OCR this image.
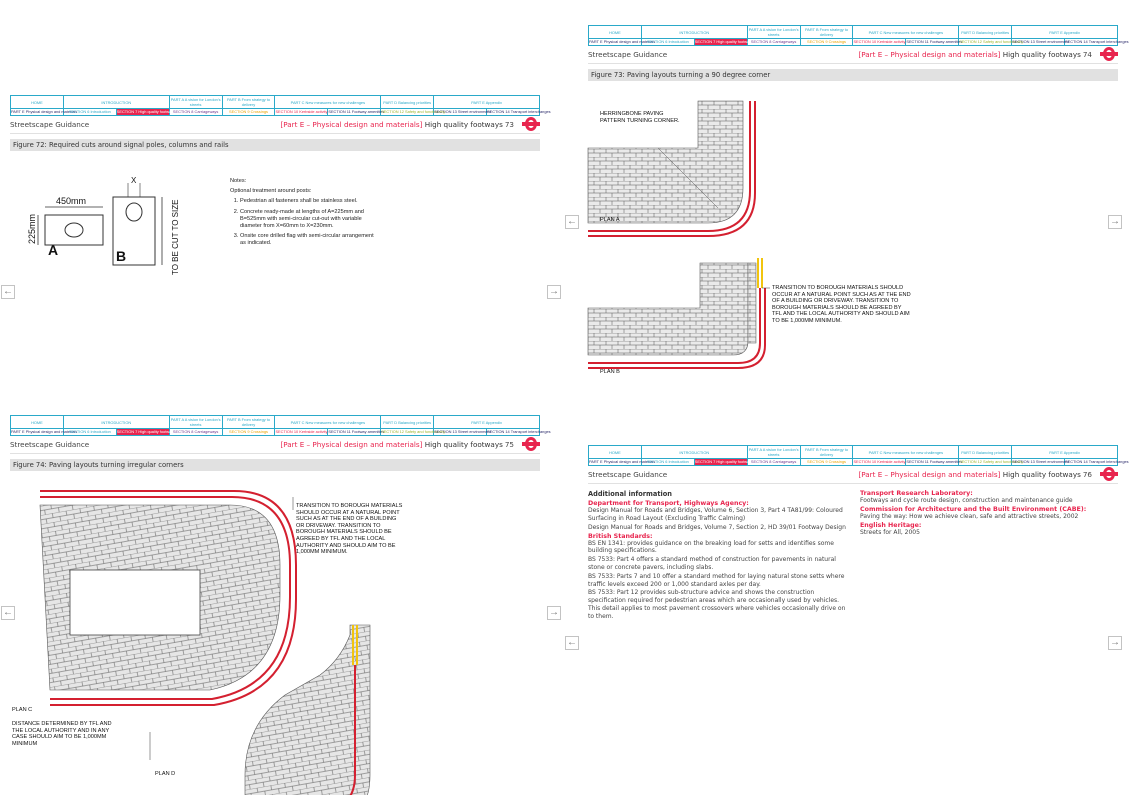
HOME	INTRODUCTION		PART A A vision for London's streets	PART B From strategy to delivery	PART C New measures for new challenges		PART D Balancing priorities	PART E Appendix	
PART E Physical design and materials	SECTION 6 Introduction	SECTION 7 High quality footways	SECTION 8 Carriageways	SECTION 9 Crossings	SECTION 10 Kerbside activity	SECTION 11 Footway amenities	SECTION 12 Safety and functionality	SECTION 13 Street environment	SECTION 14 Transport interchanges
Streetscape Guidance	[Part E – Physical design and materials] High quality footways 73
Figure 72: Required cuts around signal poles, columns and rails
450mm
225mm
A
X
B	TO BE CUT TO SIZE

Notes:

Optional treatment around posts:

1. Pedestrian all fasteners shall be stainless steel.
2. Concrete ready-made at lengths of A=225mm and B=525mm with semi-circular cut-out with variable diameter from X=60mm to X=230mm.
3. Onsite core drilled flag with semi-circular arrangement as indicated.
HOME	INTRODUCTION		PART A A vision for London's streets	PART B From strategy to delivery	PART C New measures for new challenges		PART D Balancing priorities	PART E Appendix	
PART E Physical design and materials	SECTION 6 Introduction	SECTION 7 High quality footways	SECTION 8 Carriageways	SECTION 9 Crossings	SECTION 10 Kerbside activity	SECTION 11 Footway amenities	SECTION 12 Safety and functionality	SECTION 13 Street environment	SECTION 14 Transport interchanges
Streetscape Guidance	[Part E – Physical design and materials] High quality footways 74
Figure 73: Paving layouts turning a 90 degree corner
HERRINGBONE PAVING PATTERN TURNING CORNER.
PLAN A
TRANSITION TO BOROUGH MATERIALS SHOULD OCCUR AT A NATURAL POINT SUCH AS AT THE END OF A BUILDING OR DRIVEWAY. TRANSITION TO BOROUGH MATERIALS SHOULD BE AGREED BY TFL AND THE LOCAL AUTHORITY AND SHOULD AIM TO BE 1,000MM MINIMUM.
PLAN B
HOME	INTRODUCTION		PART A A vision for London's streets	PART B From strategy to delivery	PART C New measures for new challenges		PART D Balancing priorities	PART E Appendix	
PART E Physical design and materials	SECTION 6 Introduction	SECTION 7 High quality footways	SECTION 8 Carriageways	SECTION 9 Crossings	SECTION 10 Kerbside activity	SECTION 11 Footway amenities	SECTION 12 Safety and functionality	SECTION 13 Street environment	SECTION 14 Transport interchanges
Streetscape Guidance	[Part E – Physical design and materials] High quality footways 75
Figure 74: Paving layouts turning irregular corners
TRANSITION TO BOROUGH MATERIALS SHOULD OCCUR AT A NATURAL POINT SUCH AS AT THE END OF A BUILDING OR DRIVEWAY. TRANSITION TO BOROUGH MATERIALS SHOULD BE AGREED BY TFL AND THE LOCAL AUTHORITY AND SHOULD AIM TO BE 1,000MM MINIMUM.
PLAN C
DISTANCE DETERMINED BY TFL AND THE LOCAL AUTHORITY AND IN ANY CASE SHOULD AIM TO BE 1,000MM MINIMUM
PLAN D
HOME	INTRODUCTION		PART A A vision for London's streets	PART B From strategy to delivery	PART C New measures for new challenges		PART D Balancing priorities	PART E Appendix	
PART E Physical design and materials	SECTION 6 Introduction	SECTION 7 High quality footways	SECTION 8 Carriageways	SECTION 9 Crossings	SECTION 10 Kerbside activity	SECTION 11 Footway amenities	SECTION 12 Safety and functionality	SECTION 13 Street environment	SECTION 14 Transport interchanges
Streetscape Guidance	[Part E – Physical design and materials] High quality footways 76
Additional information
Department for Transport, Highways Agency:

Design Manual for Roads and Bridges, Volume 6, Section 3, Part 4 TA81/99: Coloured Surfacing in Road Layout (Excluding Traffic Calming)

Design Manual for Roads and Bridges, Volume 7, Section 2, HD 39/01 Footway Design

British Standards:

BS EN 1341: provides guidance on the breaking load for setts and identifies some building specifications.

BS 7533: Part 4 offers a standard method of construction for pavements in natural stone or concrete pavers, including slabs.

BS 7533: Parts 7 and 10 offer a standard method for laying natural stone setts where traffic levels exceed 200 or 1,000 standard axles per day.

BS 7533: Part 12 provides sub-structure advice and shows the construction specification required for pedestrian areas which are occasionally used by vehicles. This detail applies to most pavement crossovers where vehicles occasionally drive on to them.

Transport Research Laboratory:

Footways and cycle route design, construction and maintenance guide

Commission for Architecture and the Built Environment (CABE):

Paving the way: How we achieve clean, safe and attractive streets, 2002

English Heritage:

Streets for All, 2005

←	→
←	→
←	→
←	→
